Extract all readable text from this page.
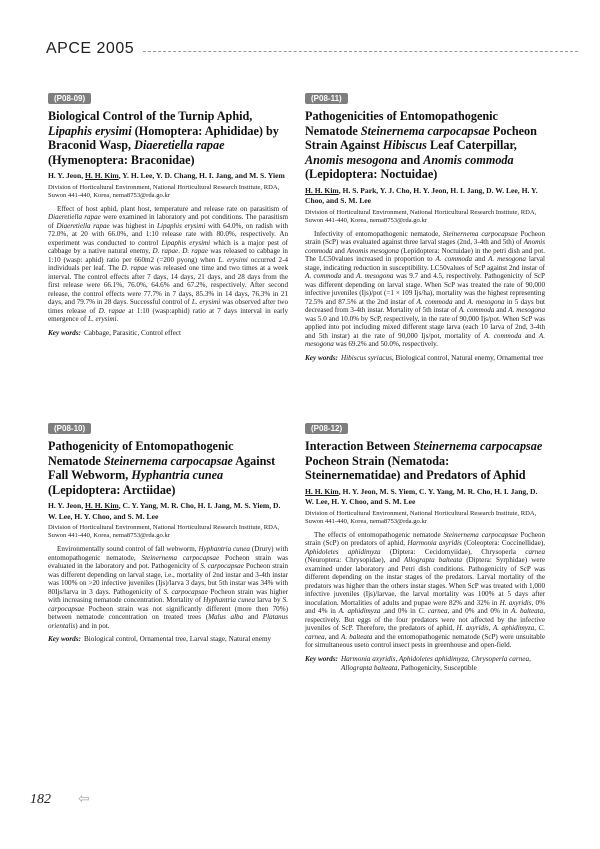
APCE 2005
(P08-09)
Biological Control of the Turnip Aphid, Lipaphis erysimi (Homoptera: Aphididae) by Braconid Wasp, Diaeretiella rapae (Hymenoptera: Braconidae)
H. Y. Jeon, H. H. Kim, Y. H. Lee, Y. D. Chang, H. I. Jang, and M. S. Yiem
Division of Horticultural Environment, National Horticultural Research Institute, RDA, Suwon 441-440, Korea, nema8753@rda.go.kr
Effect of host aphid, plant host, temperature and release rate on parasitism of Diaeretiella rapae were examined in laboratory and pot conditions. The parasitism of Diaeretiella rapae was highest in Lipaphis erysimi with 64.0%, on radish with 72.0%, at 20 with 66.0%, and 1:10 release rate with 80.0%, respectively. An experiment was conducted to control Lipaphis erysimi which is a major pest of cabbage by a native natural enemy, D. rapae. D. rapae was released to cabbage in 1:10 (wasp: aphid) ratio per 660m2 (=200 pyong) when L. erysimi occurred 2-4 individuals per leaf. The D. rapae was released one time and two times at a week interval. The control effects after 7 days, 14 days, 21 days, and 28 days from the first release were 66.1%, 76.0%, 64.6% and 67.2%, respectively. After second release, the control effects were 77.7% in 7 days, 85.3% in 14 days, 76.3% in 21 days, and 79.7% in 28 days. Successful control of L. erysimi was observed after two times release of D. rapae at 1:10 (wasp:aphid) ratio at 7 days interval in early emergence of L. erysimi.
Key words: Cabbage, Parasitic, Control effect
(P08-11)
Pathogenicities of Entomopathogenic Nematode Steinernema carpocapsae Pocheon Strain Against Hibiscus Leaf Caterpillar, Anomis mesogona and Anomis commoda (Lepidoptera: Noctuidae)
H. H. Kim, H. S. Park, Y. J. Cho, H. Y. Jeon, H. I. Jang, D. W. Lee, H. Y. Choo, and S. M. Lee
Division of Horticultural Environment, National Horticultural Research Institute, RDA, Suwon 441-440, Korea, nema8753@rda.go.kr
Infectivity of entomopathogenic nematode, Steinernema carpocapsae Pocheon strain (ScP) was evaluated against three larval stages (2nd, 3-4th and 5th) of Anomis commoda and Anomis mesogona (Lepidoptera: Noctuidae) in the petri dish and pot. The LC50values increased in proportion to A. commoda and A. mesogona larval stage, indicating reduction in susceptibility. LC50values of ScP against 2nd instar of A. commoda and A. mesogona was 9.7 and 4.5, respectively. Pathogenicity of ScP was different depending on larval stage. When ScP was treated the rate of 90,000 infective juveniles (Ijs)/pot (=1 × 109 Ijs/ha), mortality was the highest representing 72.5% and 87.5% at the 2nd instar of A. commoda and A. mesogona in 5 days but decreased from 3-4th instar. Mortality of 5th instar of A. commoda and A. mesogona was 5.0 and 10.0% by ScP, respectively, in the rate of 90,000 Ijs/pot. When ScP was applied into pot including mixed different stage larva (each 10 larva of 2nd, 3-4th and 5th instar) at the rate of 90,000 Ijs/pot, mortality of A. commoda and A. mesogona was 69.2% and 50.0%, respectively.
Key words: Hibiscus syriacus, Biological control, Natural enemy, Ornamental tree
(P08-10)
Pathogenicity of Entomopathogenic Nematode Steinernema carpocapsae Against Fall Webworm, Hyphantria cunea (Lepidoptera: Arctiidae)
H. Y. Jeon, H. H. Kim, C. Y. Yang, M. R. Cho, H. I. Jang, M. S. Yiem, D. W. Lee, H. Y. Choo, and S. M. Lee
Division of Horticultural Environment, National Horticultural Research Institute, RDA, Suwon 441-440, Korea, nema8753@rda.go.kr
Environmentally sound control of fall webworm, Hyphantria cunea (Drury) with entomopathogenic nematode, Steinernema carpocapsae Pocheon strain was evaluated in the laboratory and pot. Pathogenicity of S. carpocapsae Pocheon strain was different depending on larval stage, i.e., mortality of 2nd instar and 3-4th instar was 100% on >20 infective juveniles (Ijs)/larva 3 days, but 5th instar was 34% with 80Ijs/larva in 3 days. Pathogenicity of S. carpocapsae Pocheon strain was higher with increasing nematode concentration. Mortality of Hyphantria cunea larva by S. carpocapsae Pocheon strain was not significantly different (more then 70%) between nematode concentration on treated trees (Malus alba and Platanus orientalis) and in pot.
Key words: Biological control, Ornamental tree, Larval stage, Natural enemy
(P08-12)
Interaction Between Steinernema carpocapsae Pocheon Strain (Nematoda: Steinernematidae) and Predators of Aphid
H. H. Kim, H. Y. Jeon, M. S. Yiem, C. Y. Yang, M. R. Cho, H. I. Jang, D. W. Lee, H. Y. Choo, and S. M. Lee
Division of Horticultural Environment, National Horticultural Research Institute, RDA, Suwon 441-440, Korea, nema8753@rda.go.kr
The effects of entomopathogenic nematode Steinernema carpocapsae Pocheon strain (ScP) on predators of aphid, Harmonia axyridis (Coleoptera: Coccinellidae), Aphidoletes aphidimyza (Diptera: Cecidomyiidae), Chrysoperla carnea (Neuroptera: Chrysopidae), and Allograpta balteata (Diptera: Syrphidae) were examined under laboratory and Petri dish conditions. Pathogenicity of ScP was different depending on the instar stages of the predators. Larval mortality of the predators was higher than the others instar stages. When ScP was treated with 1,000 infective juveniles (Ijs)/larvae, the larval mortality was 100% at 5 days after inoculation. Mortalities of adults and pupae were 82% and 32% in H. axyridis, 0% and 4% in A. aphidimyza ,and 0% in C. carnea, and 0% and 0% in A. balteata, respectively. But eggs of the four predators were not affected by the infective juveniles of ScP. Therefore, the predators of aphid, H. axyridis, A. aphidimyza, C. carnea, and A. balteata and the entomopathogenic nematode (ScP) were unsuitable for simultaneous useto control insect pests in greenhouse and open-field.
Key words: Harmonia axyridis, Aphidoletes aphidimyza, Chrysoperla carnea, Allograpta balteata, Pathogenicity, Susceptible
182 ⇦
